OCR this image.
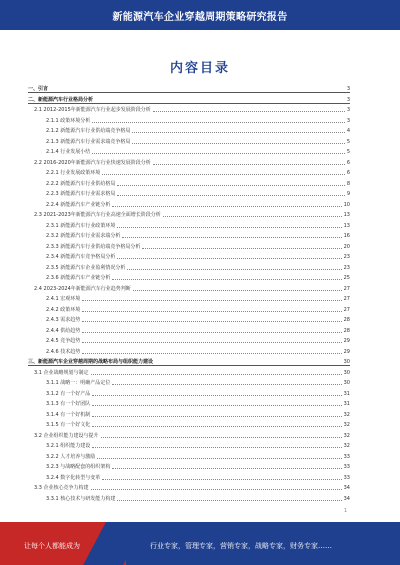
新能源汽车企业穿越周期策略研究报告
内容目录
一、引言	3
二、新能源汽车行业格局分析	3
2.1 2012-2015年新能源汽车行业起步发展阶段分析	3
2.1.1 政策环境分析	3
2.1.2 新能源汽车行业供给端竞争格局	4
2.1.3 新能源汽车行业需求端竞争格局	5
2.1.4 行业发展小结	5
2.2 2016-2020年新能源汽车行业快速发展阶段分析	6
2.2.1 行业发展政策环境	6
2.2.2 新能源汽车行业供给格局	8
2.2.3 新能源汽车行业需求格局	9
2.2.4 新能源汽车产业链分析	10
2.3 2021-2023年新能源汽车行业高速全面增长阶段分析	13
2.3.1 新能源汽车行业政策环境	13
2.3.2 新能源汽车行业需求端分析	16
2.3.3 新能源汽车行业供给端竞争格局分析	20
2.3.4 新能源汽车竞争格局分析	23
2.3.5 新能源汽车企业盈利情况分析	23
2.3.6 新能源汽车产业链分析	25
2.4 2023-2024年新能源汽车行业趋势判断	27
2.4.1 宏观环境	27
2.4.2 政策环境	27
2.4.3 需求趋势	28
2.4.4 供给趋势	28
2.4.5 竞争趋势	29
2.4.6 技术趋势	29
三、新能源汽车企业穿越周期的战略布局与组织能力建设	30
3.1 企业战略规划与制定	30
3.1.1 战略一：明确产品定位	30
3.1.2 有一个好产品	31
3.1.3 有一个好团队	31
3.1.4 有一个好机制	32
3.1.5 有一个好文化	32
3.2 企业组织能力建设与提升	32
3.2.1 组织能力建设	32
3.2.2 人才培养与激励	33
3.2.3 与战略配套的组织架构	33
3.2.4 数字化转型与变革	33
3.3 企业核心竞争力构建	34
3.3.1 核心技术与研发能力构建	34
1
让每个人都能成为	行业专家，管理专家，营销专家，战略专家，财务专家……
